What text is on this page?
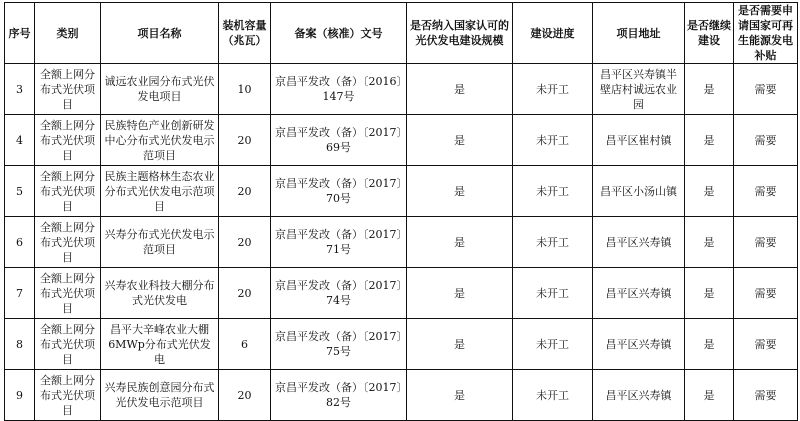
序号	类别	项目名称	装机容量（兆瓦）	备案（核准）文号	是否纳入国家认可的光伏发电建设规模	建设进度	项目地址	是否继续建设	是否需要申请国家可再生能源发电补贴

3	全额上网分布式光伏项目	诚远农业园分布式光伏发电项目	10	京昌平发改（备）〔2016〕147号	是	未开工	昌平区兴寿镇半壁店村诚远农业园	是	需要

4	全额上网分布式光伏项目	民族特色产业创新研发中心分布式光伏发电示范项目	20	京昌平发改（备）〔2017〕69号	是	未开工	昌平区崔村镇	是	需要

5	全额上网分布式光伏项目	民族主题格林生态农业分布式光伏发电示范项目	20	京昌平发改（备）〔2017〕70号	是	未开工	昌平区小汤山镇	是	需要

6	全额上网分布式光伏项目	兴寿分布式光伏发电示范项目	20	京昌平发改（备）〔2017〕71号	是	未开工	昌平区兴寿镇	是	需要

7	全额上网分布式光伏项目	兴寿农业科技大棚分布式光伏发电	20	京昌平发改（备）〔2017〕74号	是	未开工	昌平区兴寿镇	是	需要

8	全额上网分布式光伏项目	昌平大辛峰农业大棚6MWp分布式光伏发电	6	京昌平发改（备）〔2017〕75号	是	未开工	昌平区兴寿镇	是	需要

9	全额上网分布式光伏项目	兴寿民族创意园分布式光伏发电示范项目	20	京昌平发改（备）〔2017〕82号	是	未开工	昌平区兴寿镇	是	需要
